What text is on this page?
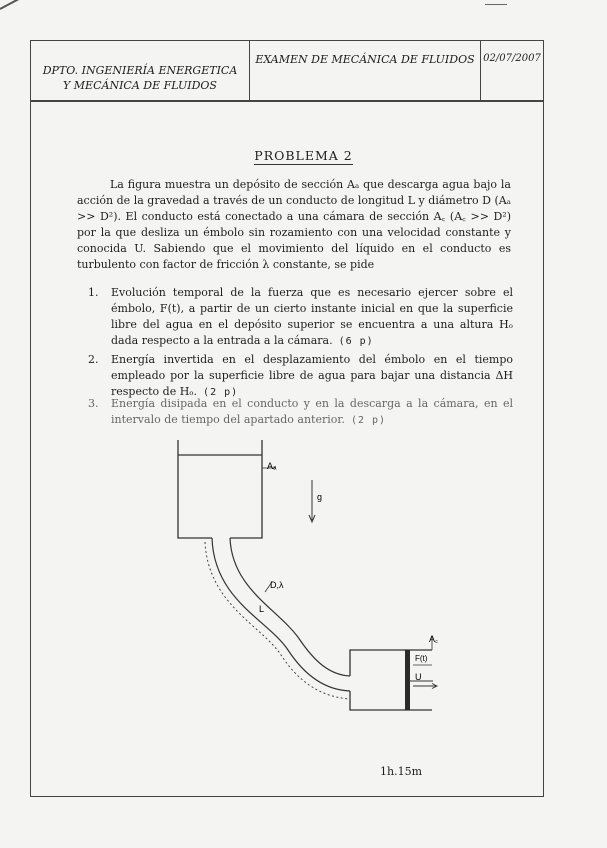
DPTO. INGENIERÍA ENERGETICA
Y MECÁNICA DE FLUIDOS
EXAMEN DE MECÁNICA DE FLUIDOS 02/07/2007
PROBLEMA 2

La figura muestra un depósito de sección Aₐ que descarga agua bajo la acción de la gravedad a través de un conducto de longitud L y diámetro D (Aₐ >> D²). El conducto está conectado a una cámara de sección A꜀ (A꜀ >> D²) por la que desliza un émbolo sin rozamiento con una velocidad constante y conocida U. Sabiendo que el movimiento del líquido en el conducto es turbulento con factor de fricción λ constante, se pide

1. Evolución temporal de la fuerza que es necesario ejercer sobre el émbolo, F(t), a partir de un cierto instante inicial en que la superficie libre del agua en el depósito superior se encuentra a una altura Hₒ dada respecto a la entrada a la cámara. (6 p)
2. Energía invertida en el desplazamiento del émbolo en el tiempo empleado por la superficie libre de agua para bajar una distancia ΔH respecto de Hₒ. (2 p)
3. Energía disipada en el conducto y en la descarga a la cámara, en el intervalo de tiempo del apartado anterior. (2 p)
Aₐ
g
D,λ
L
A꜀
F(t)
U
1h.15m
